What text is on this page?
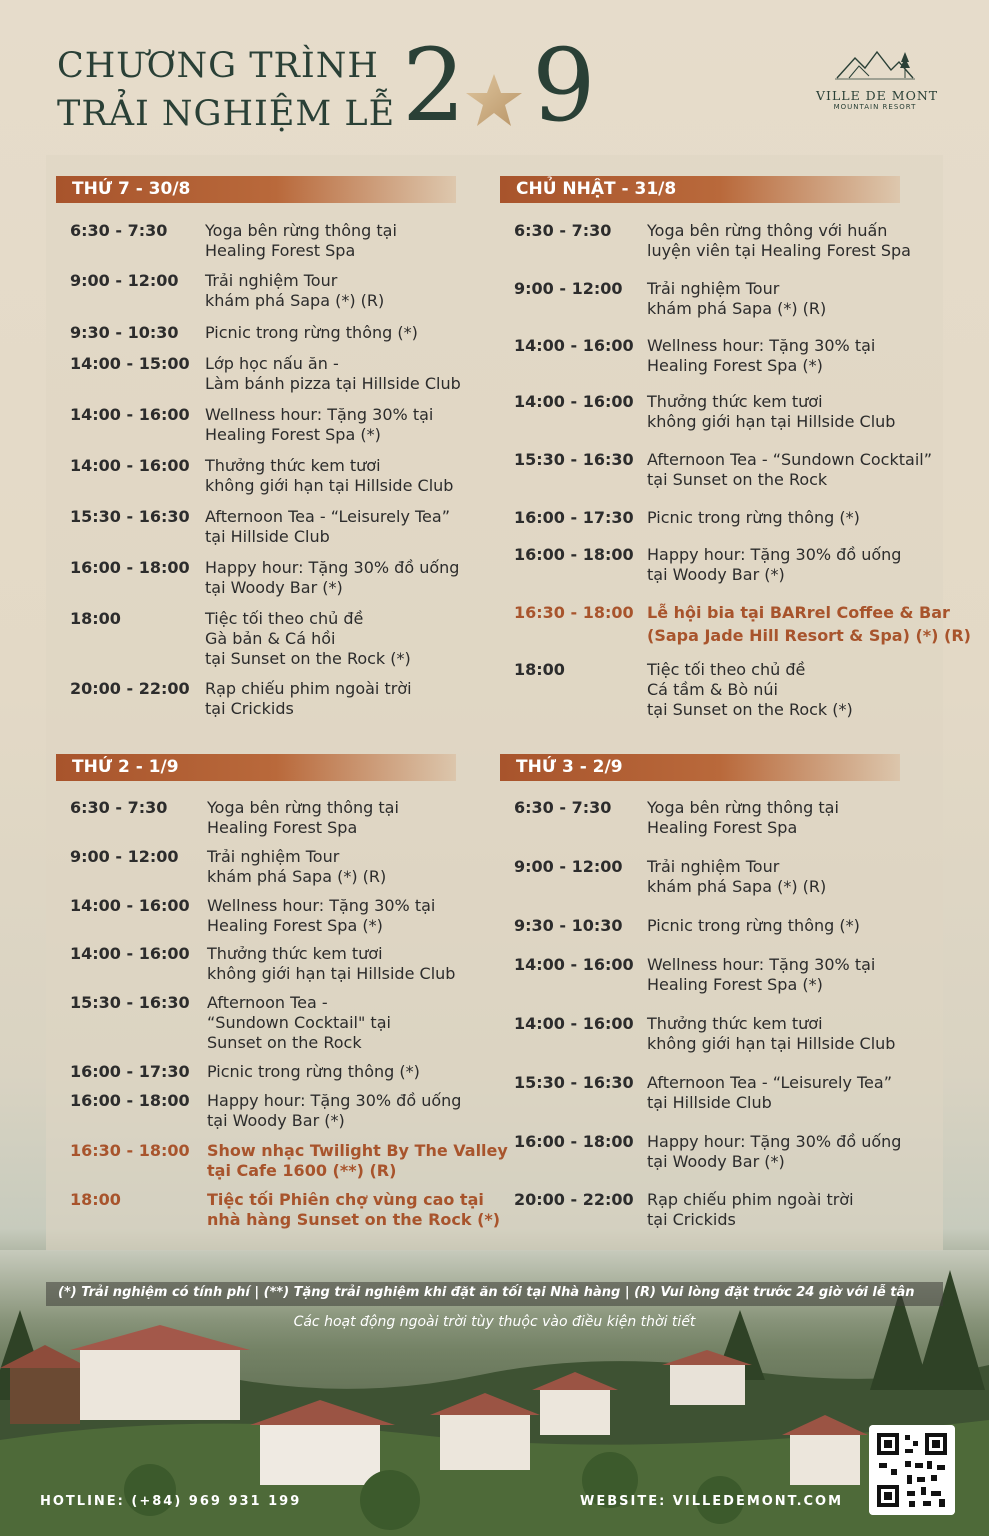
CHƯƠNG TRÌNH
TRẢI NGHIỆM LỄ 2 9	VILLE DE MONT
MOUNTAIN RESORT
THỨ 7 - 30/8
6:30 - 7:30 Yoga bên rừng thông tại
Healing Forest Spa
9:00 - 12:00 Trải nghiệm Tour
khám phá Sapa (*) (R)
9:30 - 10:30 Picnic trong rừng thông (*)
14:00 - 15:00 Lớp học nấu ăn -
Làm bánh pizza tại Hillside Club
14:00 - 16:00 Wellness hour: Tặng 30% tại
Healing Forest Spa (*)
14:00 - 16:00 Thưởng thức kem tươi
không giới hạn tại Hillside Club
15:30 - 16:30 Afternoon Tea - “Leisurely Tea”
tại Hillside Club
16:00 - 18:00 Happy hour: Tặng 30% đồ uống
tại Woody Bar (*)
18:00	Tiệc tối theo chủ đề
Gà bản & Cá hồi
tại Sunset on the Rock (*)
20:00 - 22:00 Rạp chiếu phim ngoài trời
tại Crickids
CHỦ NHẬT - 31/8
6:30 - 7:30 Yoga bên rừng thông với huấn
luyện viên tại Healing Forest Spa
9:00 - 12:00 Trải nghiệm Tour
khám phá Sapa (*) (R)
14:00 - 16:00 Wellness hour: Tặng 30% tại
Healing Forest Spa (*)
14:00 - 16:00 Thưởng thức kem tươi
không giới hạn tại Hillside Club
15:30 - 16:30 Afternoon Tea - “Sundown Cocktail”
tại Sunset on the Rock
16:00 - 17:30 Picnic trong rừng thông (*)
16:00 - 18:00 Happy hour: Tặng 30% đồ uống
tại Woody Bar (*)
16:30 - 18:00 Lễ hội bia tại BARrel Coffee & Bar
(Sapa Jade Hill Resort & Spa) (*) (R)
18:00	Tiệc tối theo chủ đề
Cá tầm & Bò núi
tại Sunset on the Rock (*)
THỨ 2 - 1/9
6:30 - 7:30 Yoga bên rừng thông tại
Healing Forest Spa
9:00 - 12:00 Trải nghiệm Tour
khám phá Sapa (*) (R)
14:00 - 16:00 Wellness hour: Tặng 30% tại
Healing Forest Spa (*)
14:00 - 16:00 Thưởng thức kem tươi
không giới hạn tại Hillside Club
15:30 - 16:30 Afternoon Tea -
“Sundown Cocktail" tại
Sunset on the Rock
16:00 - 17:30 Picnic trong rừng thông (*)
16:00 - 18:00 Happy hour: Tặng 30% đồ uống
tại Woody Bar (*)
16:30 - 18:00 Show nhạc Twilight By The Valley
tại Cafe 1600 (**) (R)
18:00	Tiệc tối Phiên chợ vùng cao tại
nhà hàng Sunset on the Rock (*)
THỨ 3 - 2/9
6:30 - 7:30 Yoga bên rừng thông tại
Healing Forest Spa
9:00 - 12:00 Trải nghiệm Tour
khám phá Sapa (*) (R)
9:30 - 10:30 Picnic trong rừng thông (*)
14:00 - 16:00 Wellness hour: Tặng 30% tại
Healing Forest Spa (*)
14:00 - 16:00 Thưởng thức kem tươi
không giới hạn tại Hillside Club
15:30 - 16:30 Afternoon Tea - “Leisurely Tea”
tại Hillside Club
16:00 - 18:00 Happy hour: Tặng 30% đồ uống
tại Woody Bar (*)
20:00 - 22:00 Rạp chiếu phim ngoài trời
tại Crickids
(*) Trải nghiệm có tính phí | (**) Tặng trải nghiệm khi đặt ăn tối tại Nhà hàng | (R) Vui lòng đặt trước 24 giờ với lễ tân
Các hoạt động ngoài trời tùy thuộc vào điều kiện thời tiết
HOTLINE: (+84) 969 931 199	WEBSITE: VILLEDEMONT.COM
